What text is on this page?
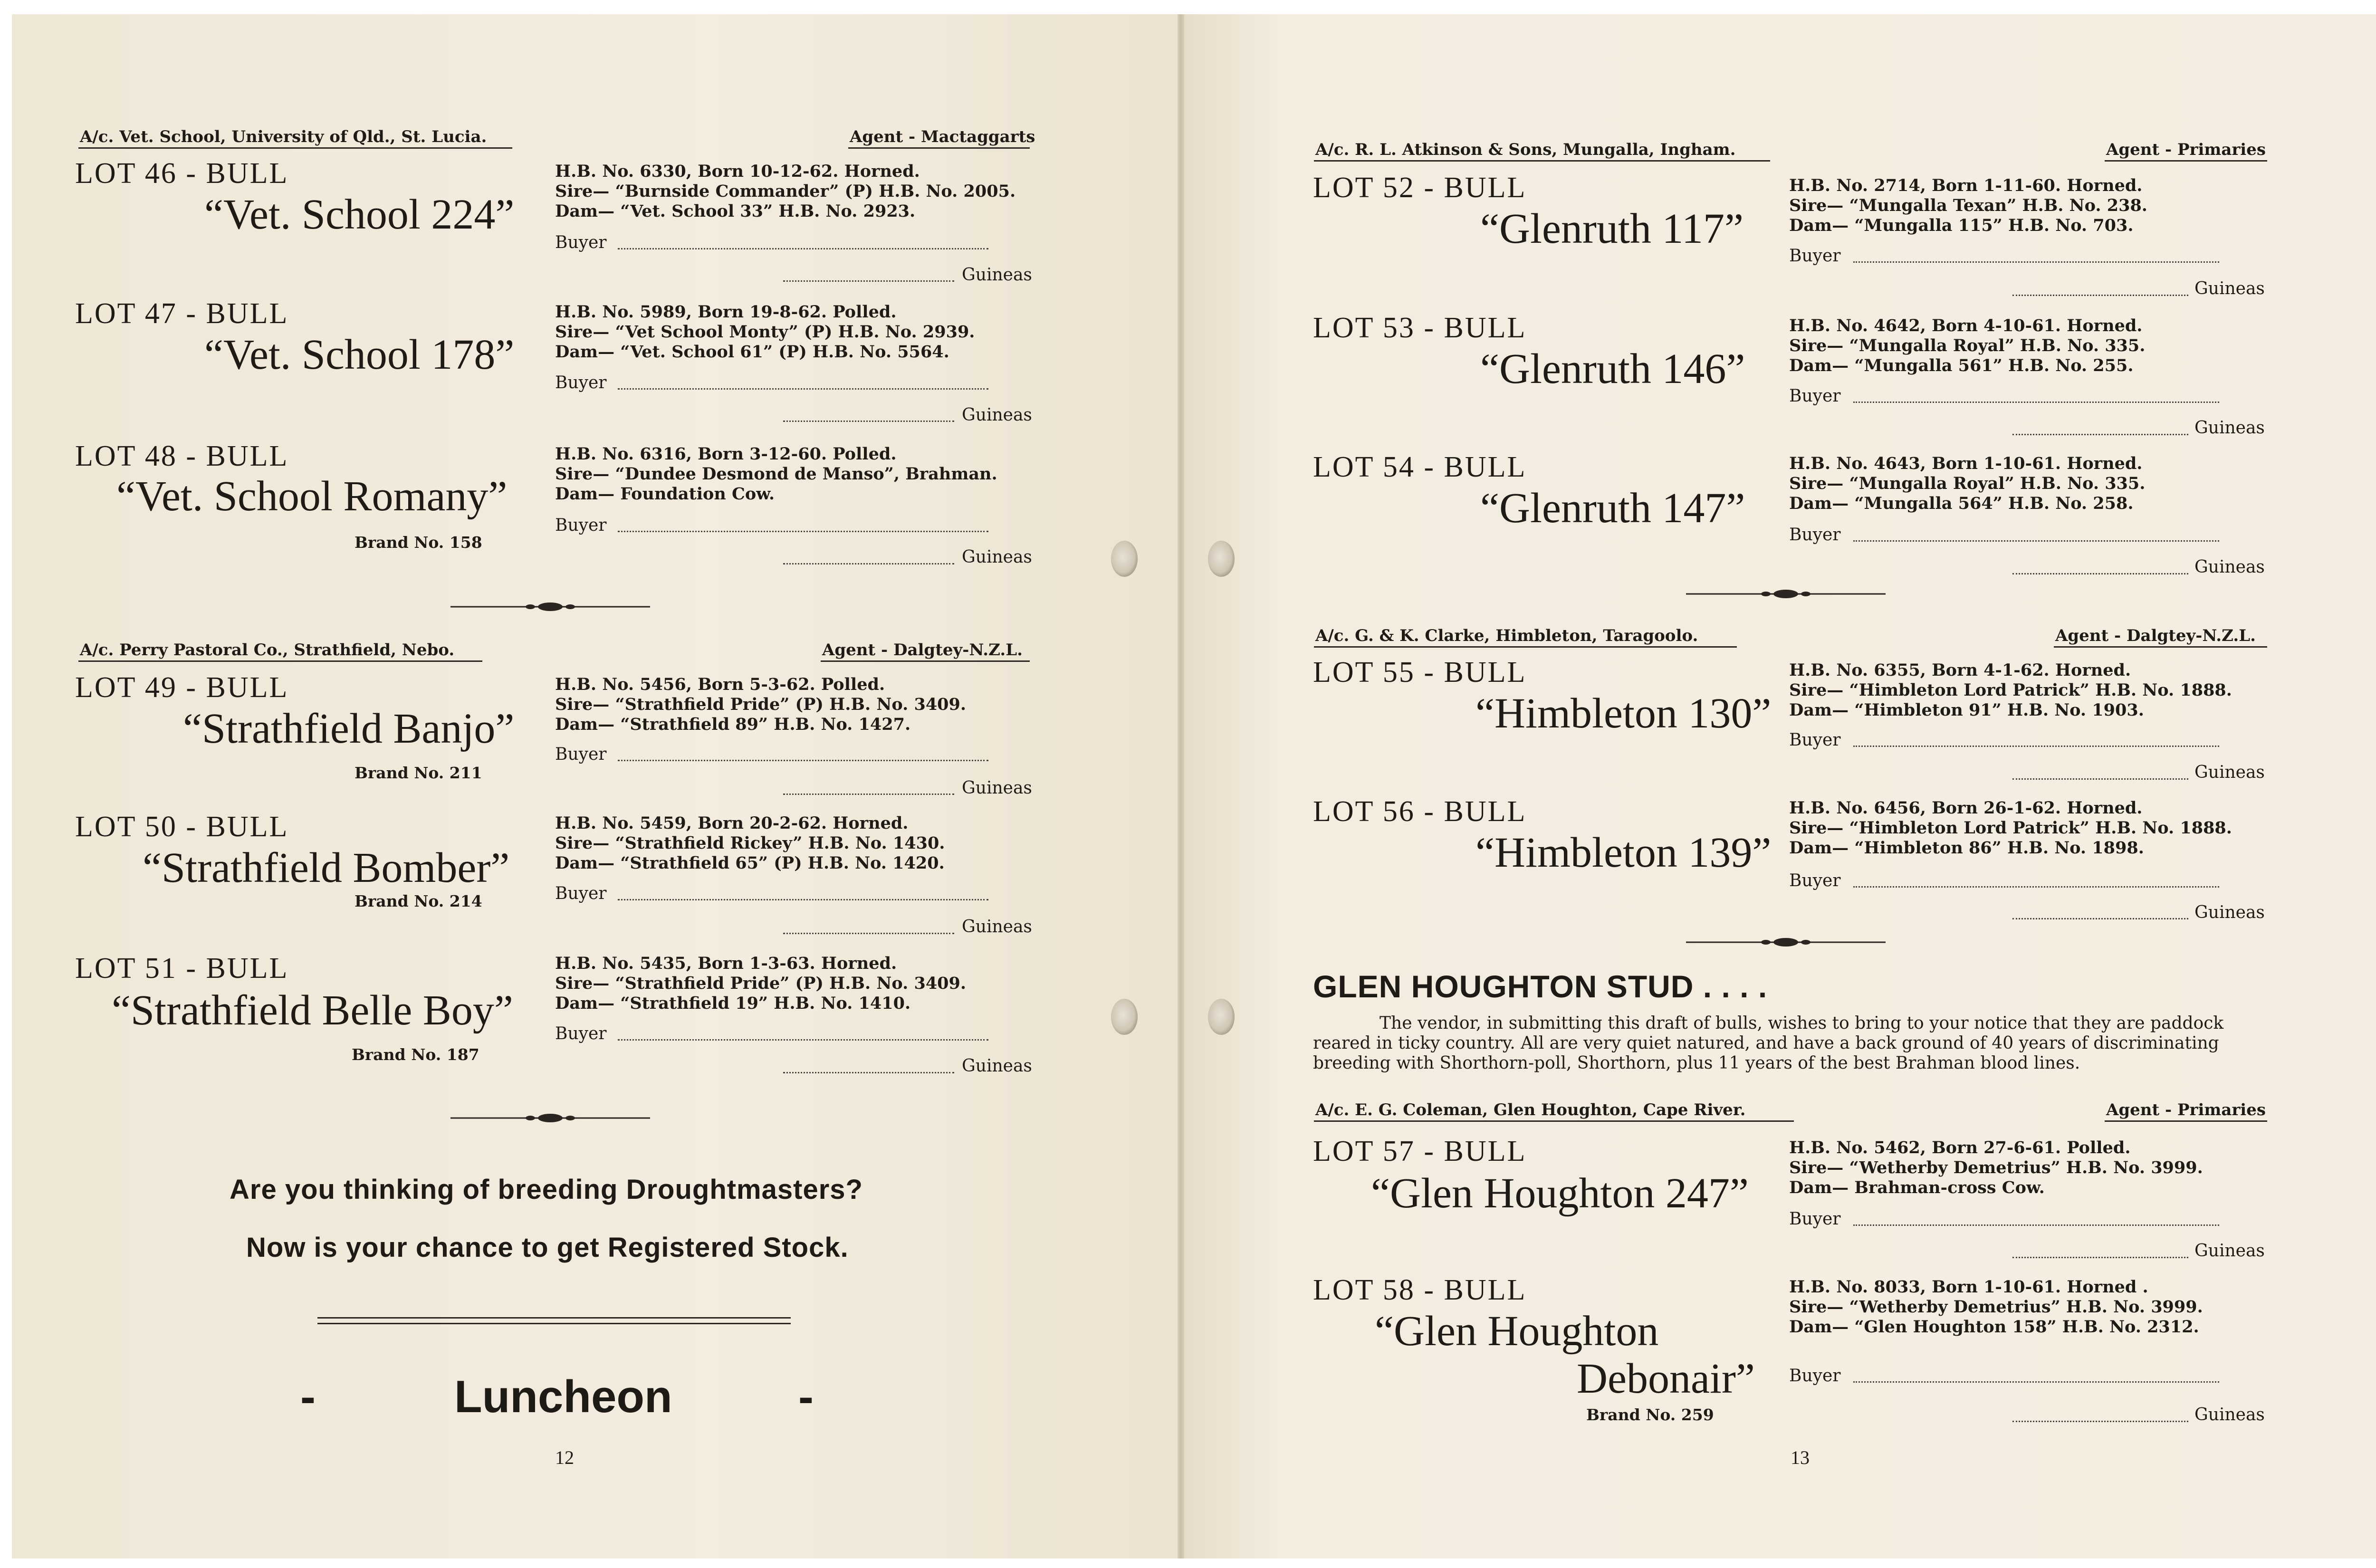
A/c. Vet. School, University of Qld., St. Lucia.	Agent - Mactaggarts
LOT 46 - BULL
“Vet. School 224”
H.B. No. 6330, Born 10-12-62. Horned.
Sire— “Burnside Commander” (P) H.B. No. 2005.
Dam— “Vet. School 33” H.B. No. 2923.
Buyer
Guineas
LOT 47 - BULL
“Vet. School 178”
H.B. No. 5989, Born 19-8-62. Polled.
Sire— “Vet School Monty” (P) H.B. No. 2939.
Dam— “Vet. School 61” (P) H.B. No. 5564.
Buyer
Guineas
LOT 48 - BULL
“Vet. School Romany”
Brand No. 158
H.B. No. 6316, Born 3-12-60. Polled.
Sire— “Dundee Desmond de Manso”, Brahman.
Dam— Foundation Cow.
Buyer
Guineas
A/c. Perry Pastoral Co., Strathfield, Nebo.	Agent - Dalgtey-N.Z.L.
LOT 49 - BULL
“Strathfield Banjo”
Brand No. 211
H.B. No. 5456, Born 5-3-62. Polled.
Sire— “Strathfield Pride” (P) H.B. No. 3409.
Dam— “Strathfield 89” H.B. No. 1427.
Buyer
Guineas
LOT 50 - BULL
“Strathfield Bomber”
Brand No. 214
H.B. No. 5459, Born 20-2-62. Horned.
Sire— “Strathfield Rickey” H.B. No. 1430.
Dam— “Strathfield 65” (P) H.B. No. 1420.
Buyer
Guineas
LOT 51 - BULL
“Strathfield Belle Boy”
Brand No. 187
H.B. No. 5435, Born 1-3-63. Horned.
Sire— “Strathfield Pride” (P) H.B. No. 3409.
Dam— “Strathfield 19” H.B. No. 1410.
Buyer
Guineas
Are you thinking of breeding Droughtmasters?
Now is your chance to get Registered Stock.
-	Luncheon	-
12
A/c. R. L. Atkinson & Sons, Mungalla, Ingham.	Agent - Primaries
LOT 52 - BULL
“Glenruth 117”
H.B. No. 2714, Born 1-11-60. Horned.
Sire— “Mungalla Texan” H.B. No. 238.
Dam— “Mungalla 115” H.B. No. 703.
Buyer
Guineas
LOT 53 - BULL
“Glenruth 146”
H.B. No. 4642, Born 4-10-61. Horned.
Sire— “Mungalla Royal” H.B. No. 335.
Dam— “Mungalla 561” H.B. No. 255.
Buyer
Guineas
LOT 54 - BULL
“Glenruth 147”
H.B. No. 4643, Born 1-10-61. Horned.
Sire— “Mungalla Royal” H.B. No. 335.
Dam— “Mungalla 564” H.B. No. 258.
Buyer
Guineas
A/c. G. & K. Clarke, Himbleton, Taragoolo.	Agent - Dalgtey-N.Z.L.
LOT 55 - BULL
“Himbleton 130”
H.B. No. 6355, Born 4-1-62. Horned.
Sire— “Himbleton Lord Patrick” H.B. No. 1888.
Dam— “Himbleton 91” H.B. No. 1903.
Buyer
Guineas
LOT 56 - BULL
“Himbleton 139”
H.B. No. 6456, Born 26-1-62. Horned.
Sire— “Himbleton Lord Patrick” H.B. No. 1888.
Dam— “Himbleton 86” H.B. No. 1898.
Buyer
Guineas
GLEN HOUGHTON STUD . . . .
The vendor, in submitting this draft of bulls, wishes to bring to your notice that they are paddock
reared in ticky country. All are very quiet natured, and have a back ground of 40 years of discriminating
breeding with Shorthorn-poll, Shorthorn, plus 11 years of the best Brahman blood lines.
A/c. E. G. Coleman, Glen Houghton, Cape River.	Agent - Primaries
LOT 57 - BULL
“Glen Houghton 247”
H.B. No. 5462, Born 27-6-61. Polled.
Sire— “Wetherby Demetrius” H.B. No. 3999.
Dam— Brahman-cross Cow.
Buyer
Guineas
LOT 58 - BULL
“Glen Houghton
Debonair”
Brand No. 259
H.B. No. 8033, Born 1-10-61. Horned .
Sire— “Wetherby Demetrius” H.B. No. 3999.
Dam— “Glen Houghton 158” H.B. No. 2312.
Buyer
Guineas
13
